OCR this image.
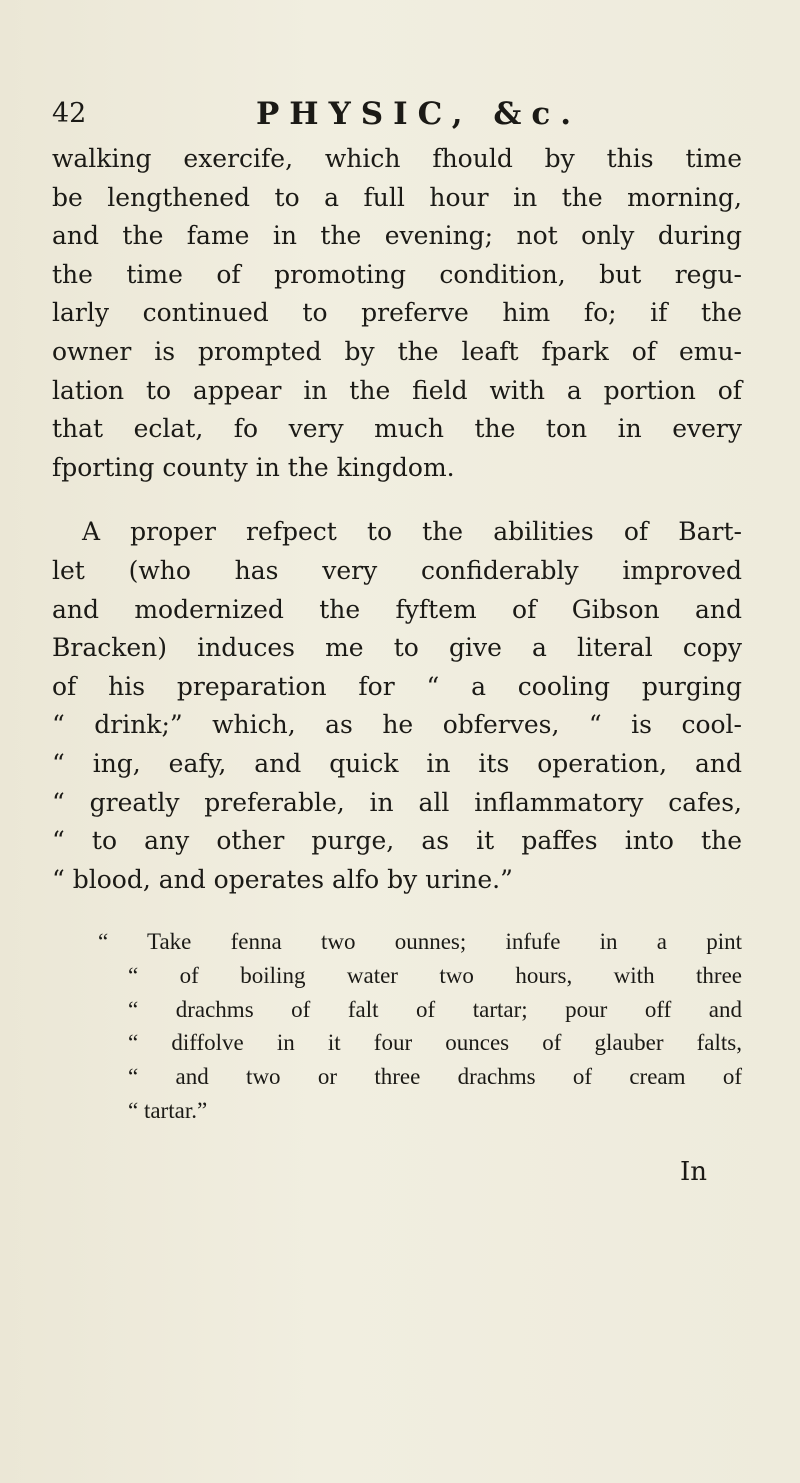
42	PHYSIC, &c.
walking exercife, which fhould by this time
be lengthened to a full hour in the morning,
and the fame in the evening; not only during
the time of promoting condition, but regu-
larly continued to preferve him fo; if the
owner is prompted by the leaft fpark of emu-
lation to appear in the field with a portion of
that eclat, fo very much the ton in every
fporting county in the kingdom.
A proper refpect to the abilities of Bart-
let (who has very confiderably improved
and modernized the fyftem of Gibson and
Bracken) induces me to give a literal copy
of his preparation for “ a cooling purging
“ drink;” which, as he obferves, “ is cool-
“ ing, eafy, and quick in its operation, and
“ greatly preferable, in all inflammatory cafes,
“ to any other purge, as it paffes into the
“ blood, and operates alfo by urine.”
“ Take fenna two ounnes; infufe in a pint
“ of boiling water two hours, with three
“ drachms of falt of tartar; pour off and
“ diffolve in it four ounces of glauber falts,
“ and two or three drachms of cream of
“ tartar.”
In
